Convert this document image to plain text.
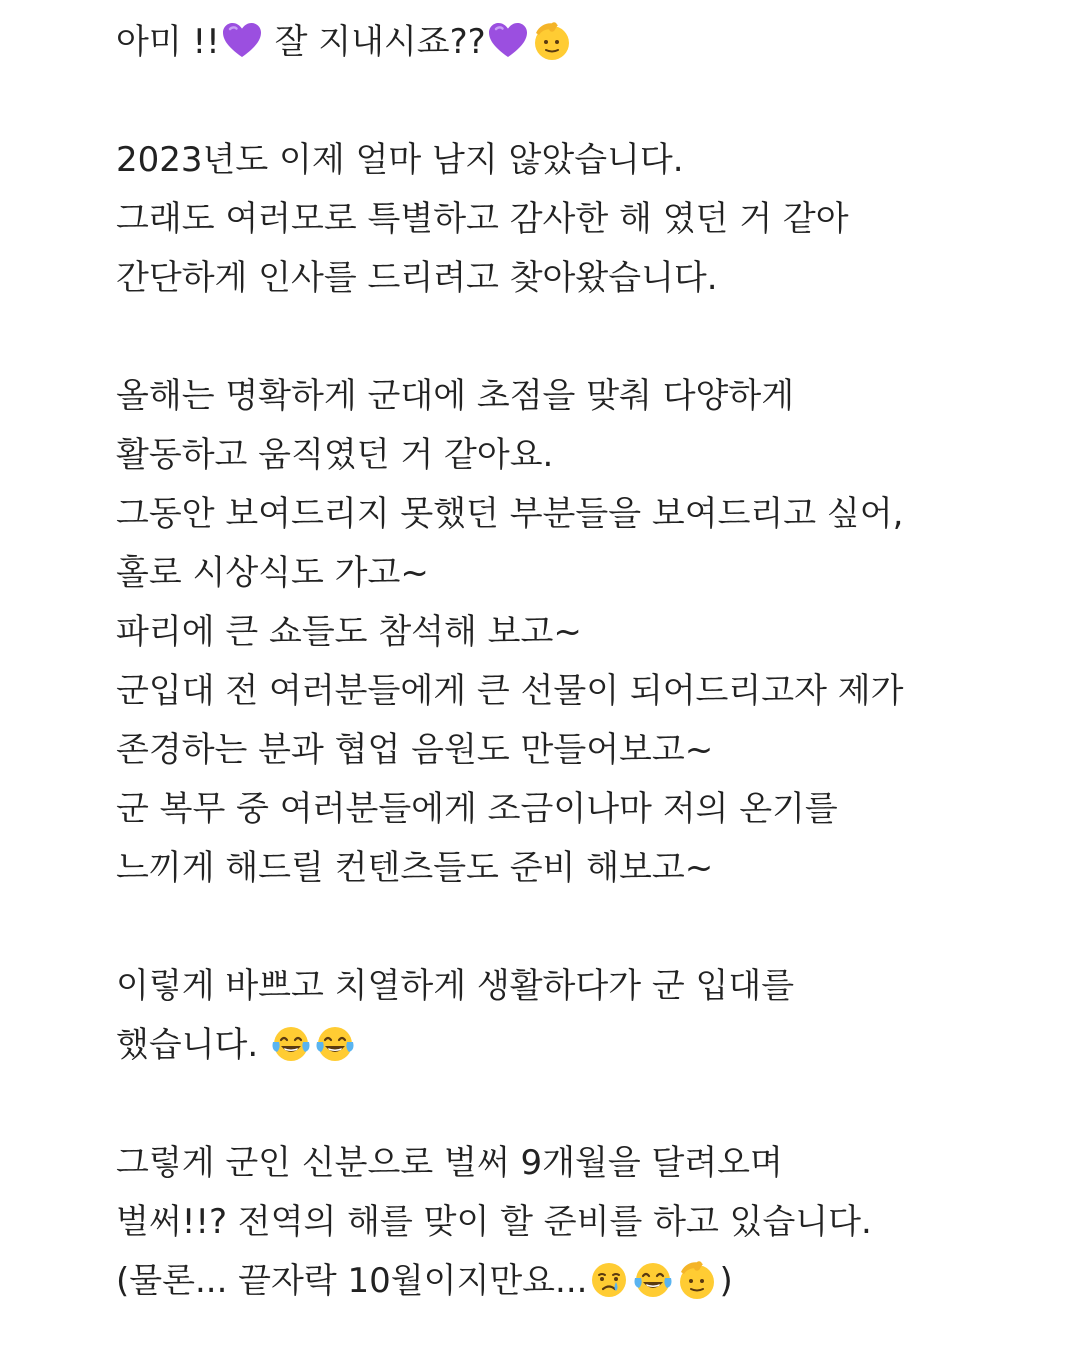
아미 !!
잘 지내시죠??
2023년도 이제 얼마 남지 않았습니다.
그래도 여러모로 특별하고 감사한 해 였던 거 같아
간단하게 인사를 드리려고 찾아왔습니다.
올해는 명확하게 군대에 초점을 맞춰 다양하게
활동하고 움직였던 거 같아요.
그동안 보여드리지 못했던 부분들을 보여드리고 싶어,
홀로 시상식도 가고~
파리에 큰 쇼들도 참석해 보고~
군입대 전 여러분들에게 큰 선물이 되어드리고자 제가
존경하는 분과 협업 음원도 만들어보고~
군 복무 중 여러분들에게 조금이나마 저의 온기를
느끼게 해드릴 컨텐츠들도 준비 해보고~
이렇게 바쁘고 치열하게 생활하다가 군 입대를
했습니다.
그렇게 군인 신분으로 벌써 9개월을 달려오며
벌써!!? 전역의 해를 맞이 할 준비를 하고 있습니다.
(물론... 끝자락 10월이지만요...	)
